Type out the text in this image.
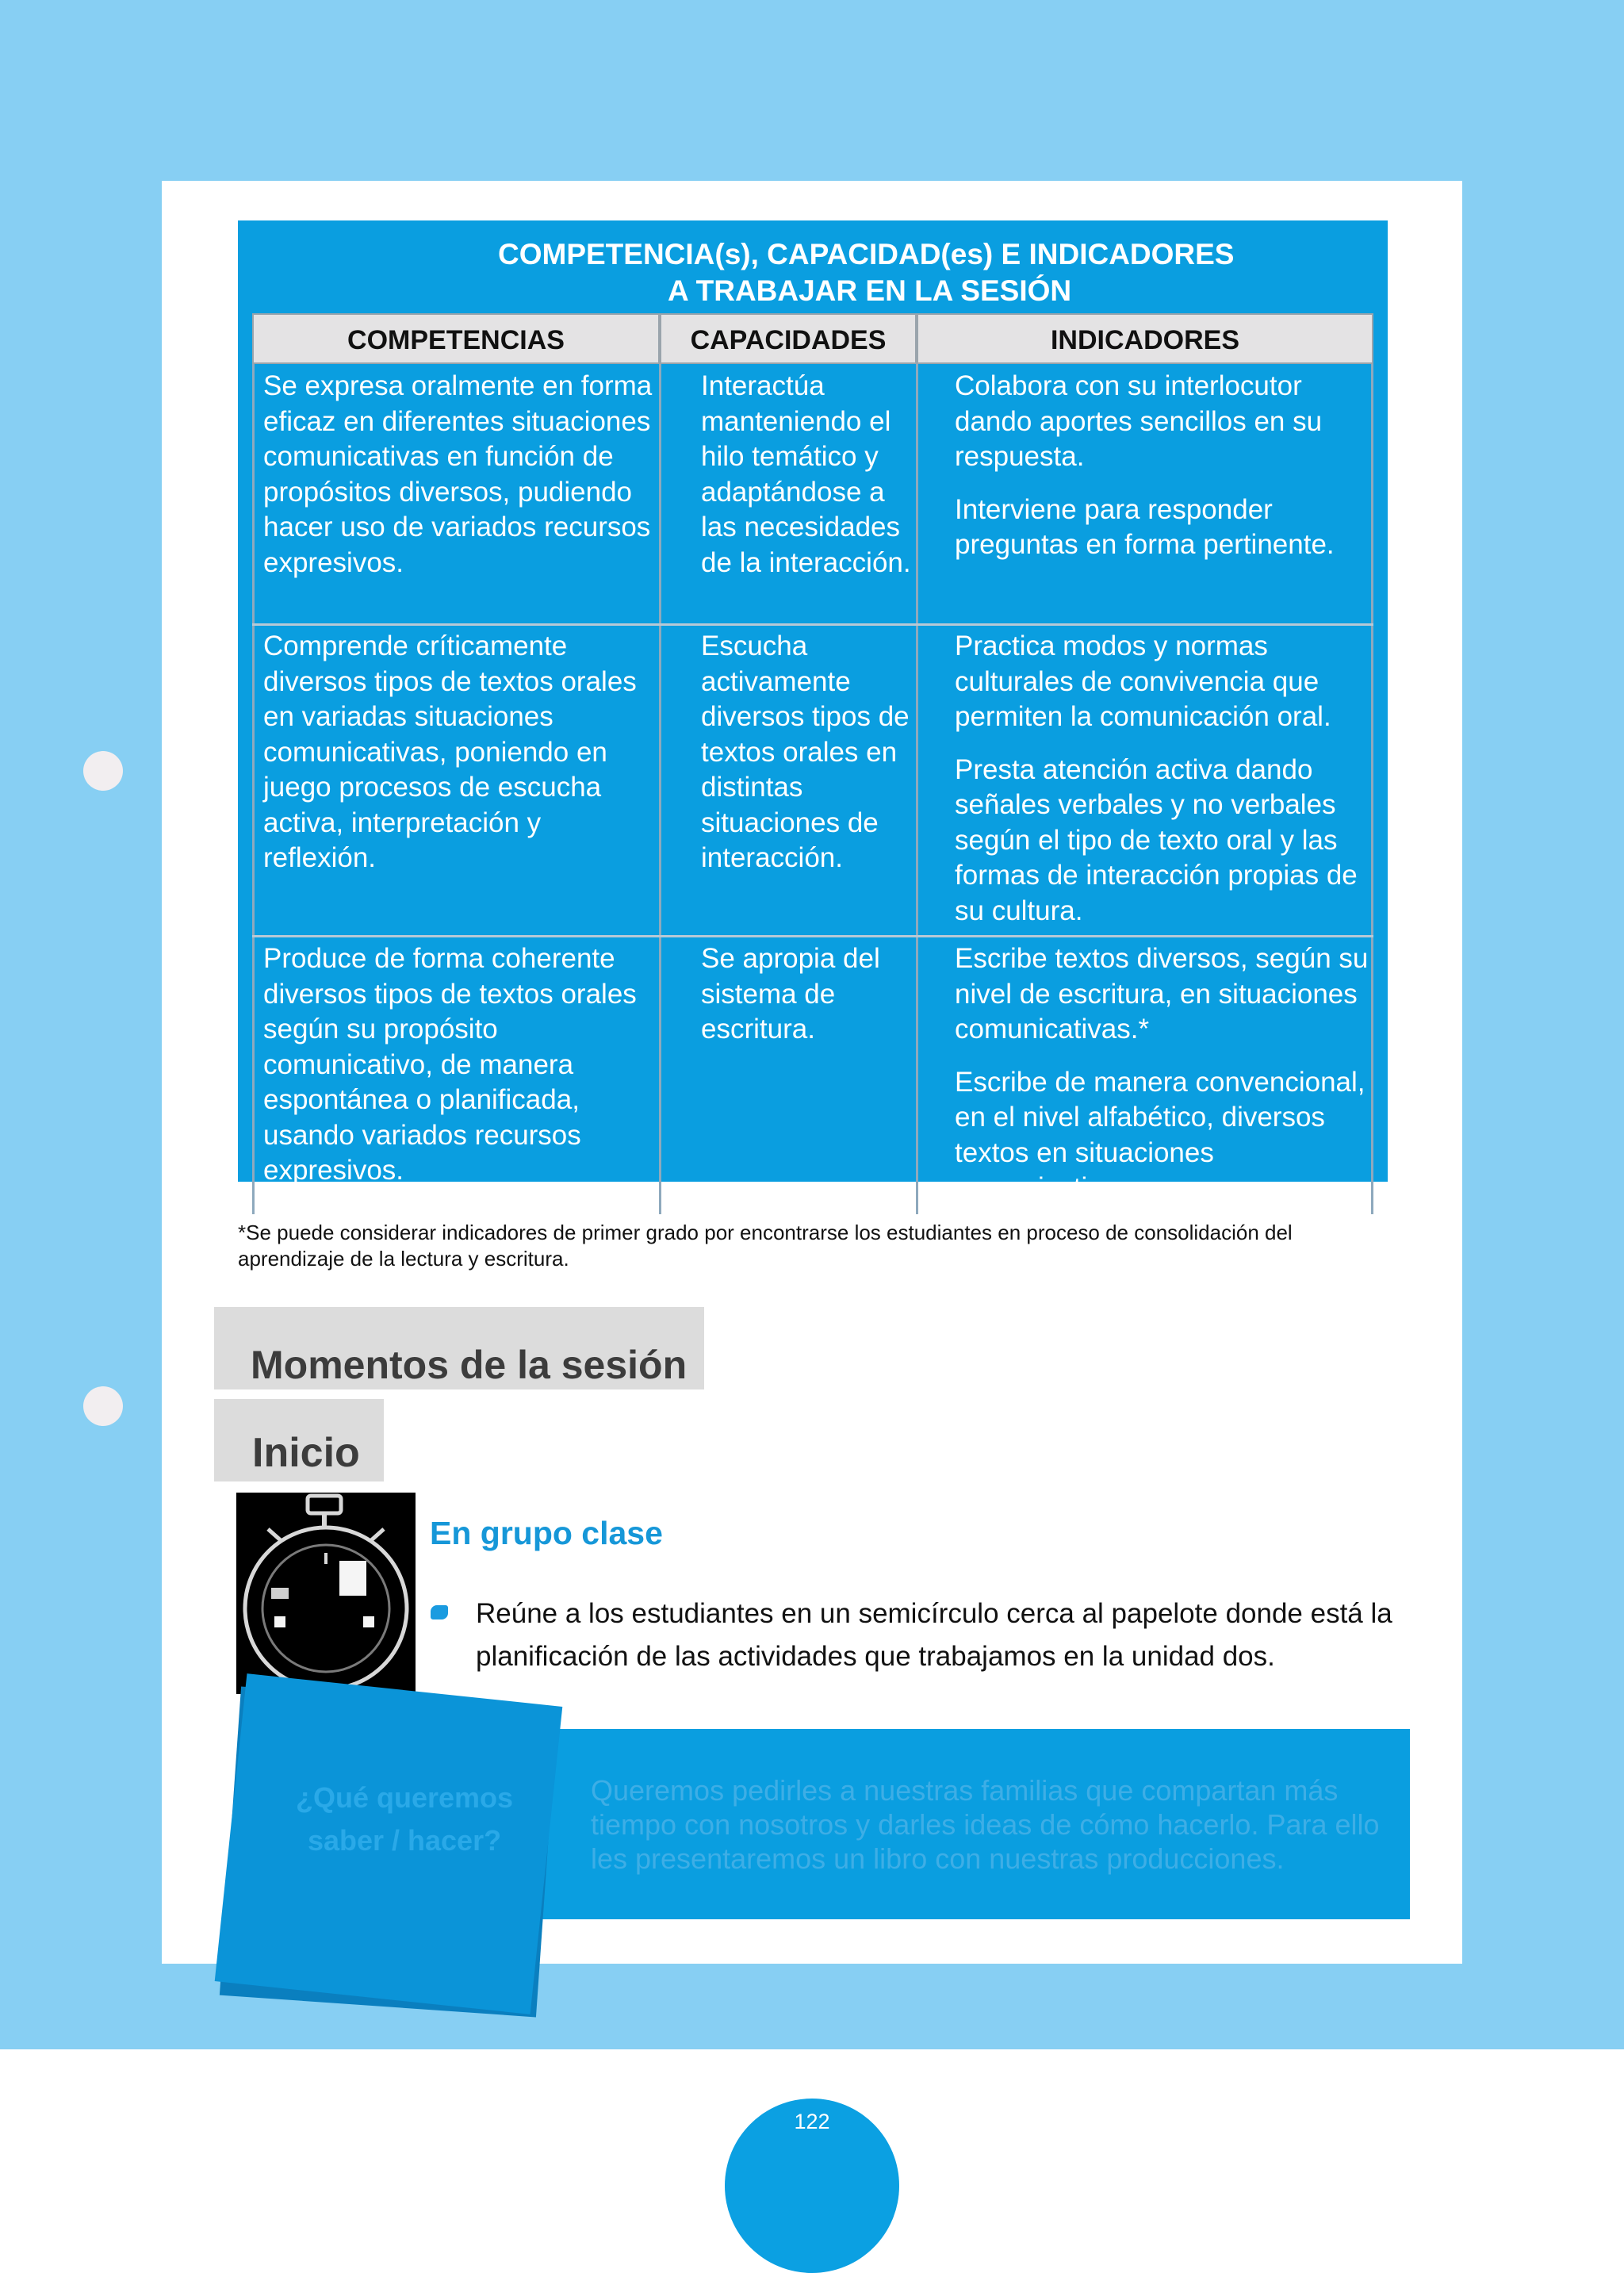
COMPETENCIA(s), CAPACIDAD(es) E INDICADORES
A TRABAJAR EN LA SESIÓN
COMPETENCIAS	CAPACIDADES	INDICADORES

Se expresa oralmente en forma eficaz en diferentes situaciones comunicativas en función de propósitos diversos, pudiendo hacer uso de variados recursos expresivos.

Interactúa manteniendo el hilo temático y adaptándose a las necesidades de la interacción.

Colabora con su interlocutor dando aportes sencillos en su respuesta.

Interviene para responder preguntas en forma pertinente.

Comprende críticamente diversos tipos de textos orales en variadas situaciones comunicativas, poniendo en juego procesos de escucha activa, interpretación y reflexión.

Escucha activamente diversos tipos de textos orales en distintas situaciones de interacción.

Practica modos y normas culturales de convivencia que permiten la comunicación oral.

Presta atención activa dando señales verbales y no verbales según el tipo de texto oral y las formas de interacción propias de su cultura.

Produce de forma coherente diversos tipos de textos orales según su propósito comunicativo, de manera espontánea o planificada, usando variados recursos expresivos.

Se apropia del sistema de escritura.

Escribe textos diversos, según su nivel de escritura, en situaciones comunicativas.*

Escribe de manera convencional, en el nivel alfabético, diversos textos en situaciones comunicativas.

*Se puede considerar indicadores de primer grado por encontrarse los estudiantes en proceso de consolidación del aprendizaje de la lectura y escritura.
Momentos de la sesión
Inicio
En grupo clase
Reúne a los estudiantes en un semicírculo cerca al papelote donde está la planificación de las actividades que trabajamos en la unidad dos.
Queremos pedirles a nuestras familias que compartan más tiempo con nosotros y darles ideas de cómo hacerlo. Para ello les presentaremos un libro con nuestras producciones.
¿Qué queremos saber / hacer?
122
